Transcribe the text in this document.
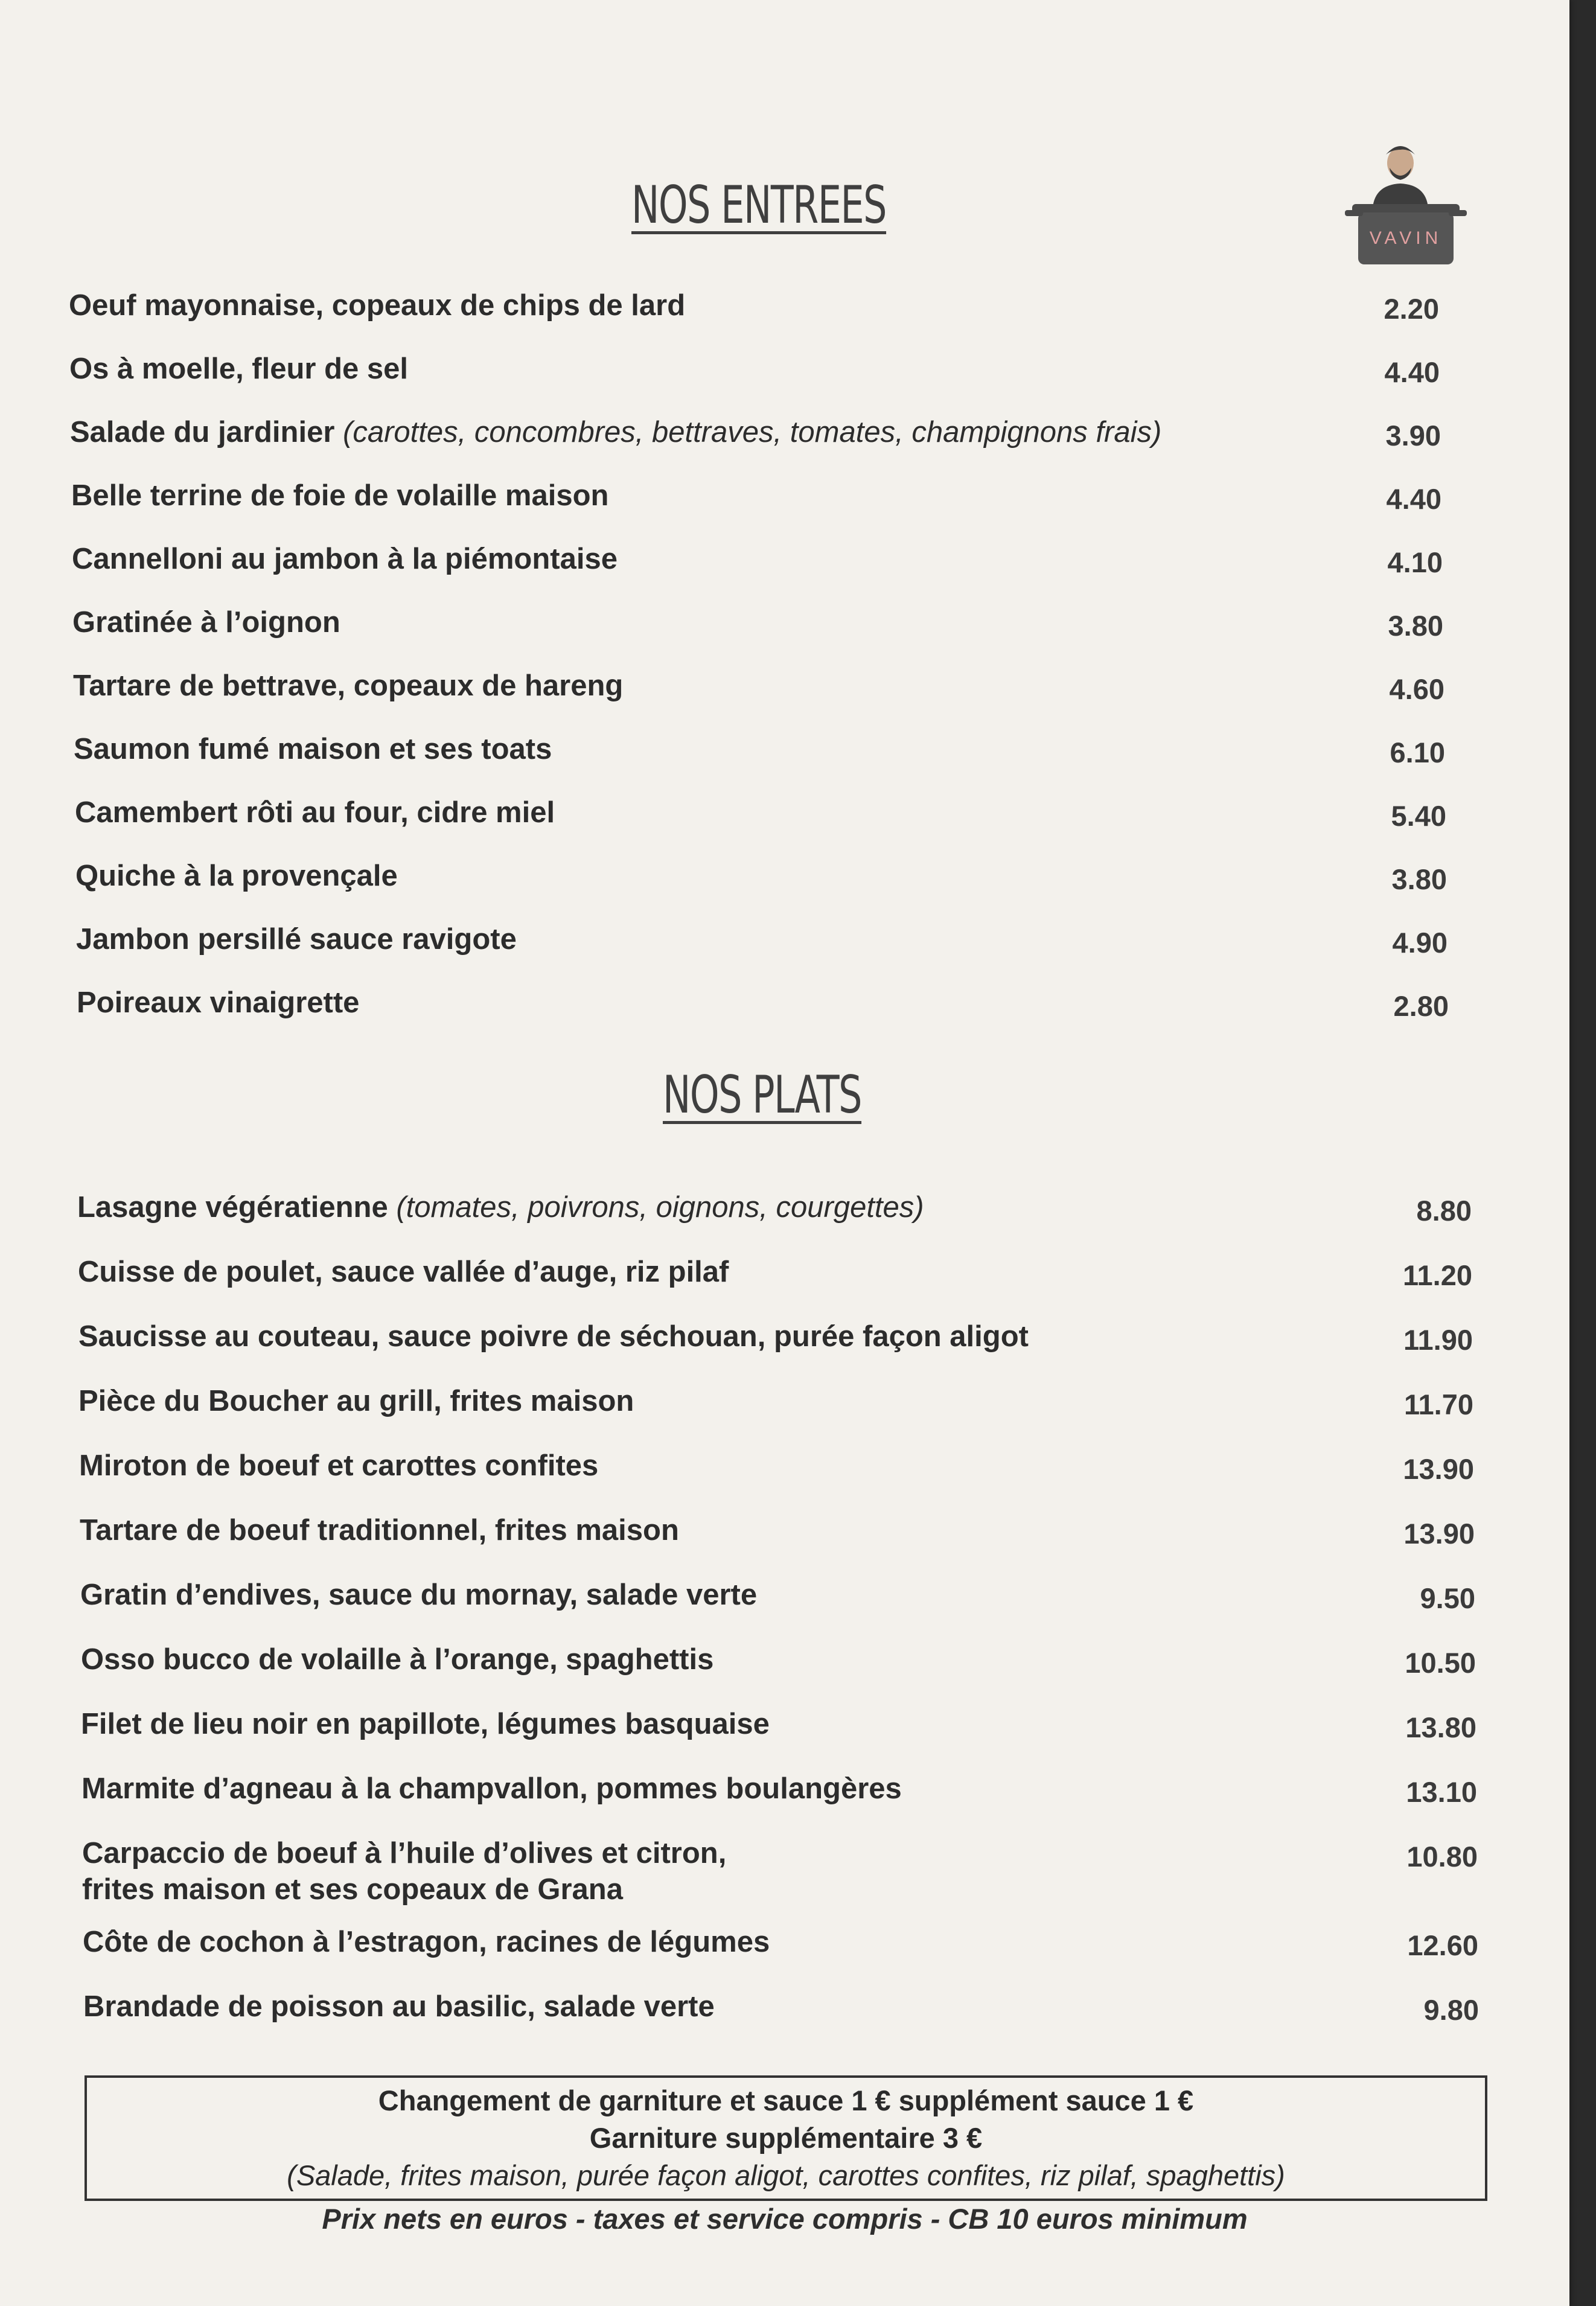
VAVIN
NOS ENTREES
Oeuf mayonnaise, copeaux de chips de lard	2.20
Os à moelle, fleur de sel	4.40
Salade du jardinier (carottes, concombres, bettraves, tomates, champignons frais)	3.90
Belle terrine de foie de volaille maison	4.40
Cannelloni au jambon à la piémontaise	4.10
Gratinée à l’oignon	3.80
Tartare de bettrave, copeaux de hareng	4.60
Saumon fumé maison et ses toats	6.10
Camembert rôti au four, cidre miel	5.40
Quiche à la provençale	3.80
Jambon persillé sauce ravigote	4.90
Poireaux vinaigrette	2.80
NOS PLATS
Lasagne végératienne (tomates, poivrons, oignons, courgettes)	8.80
Cuisse de poulet, sauce vallée d’auge, riz pilaf	11.20
Saucisse au couteau, sauce poivre de séchouan, purée façon aligot	11.90
Pièce du Boucher au grill, frites maison	11.70
Miroton de boeuf et carottes confites	13.90
Tartare de boeuf traditionnel, frites maison	13.90
Gratin d’endives, sauce du mornay, salade verte	9.50
Osso bucco de volaille à l’orange, spaghettis	10.50
Filet de lieu noir en papillote, légumes basquaise	13.80
Marmite d’agneau à la champvallon, pommes boulangères	13.10
Carpaccio de boeuf à l’huile d’olives et citron,	10.80
frites maison et ses copeaux de Grana
Côte de cochon à l’estragon, racines de légumes	12.60
Brandade de poisson au basilic, salade verte	9.80
Changement de garniture et sauce 1 € supplément sauce 1 €
Garniture supplémentaire 3 €
(Salade, frites maison, purée façon aligot, carottes confites, riz pilaf, spaghettis)
Prix nets en euros - taxes et service compris - CB 10 euros minimum
